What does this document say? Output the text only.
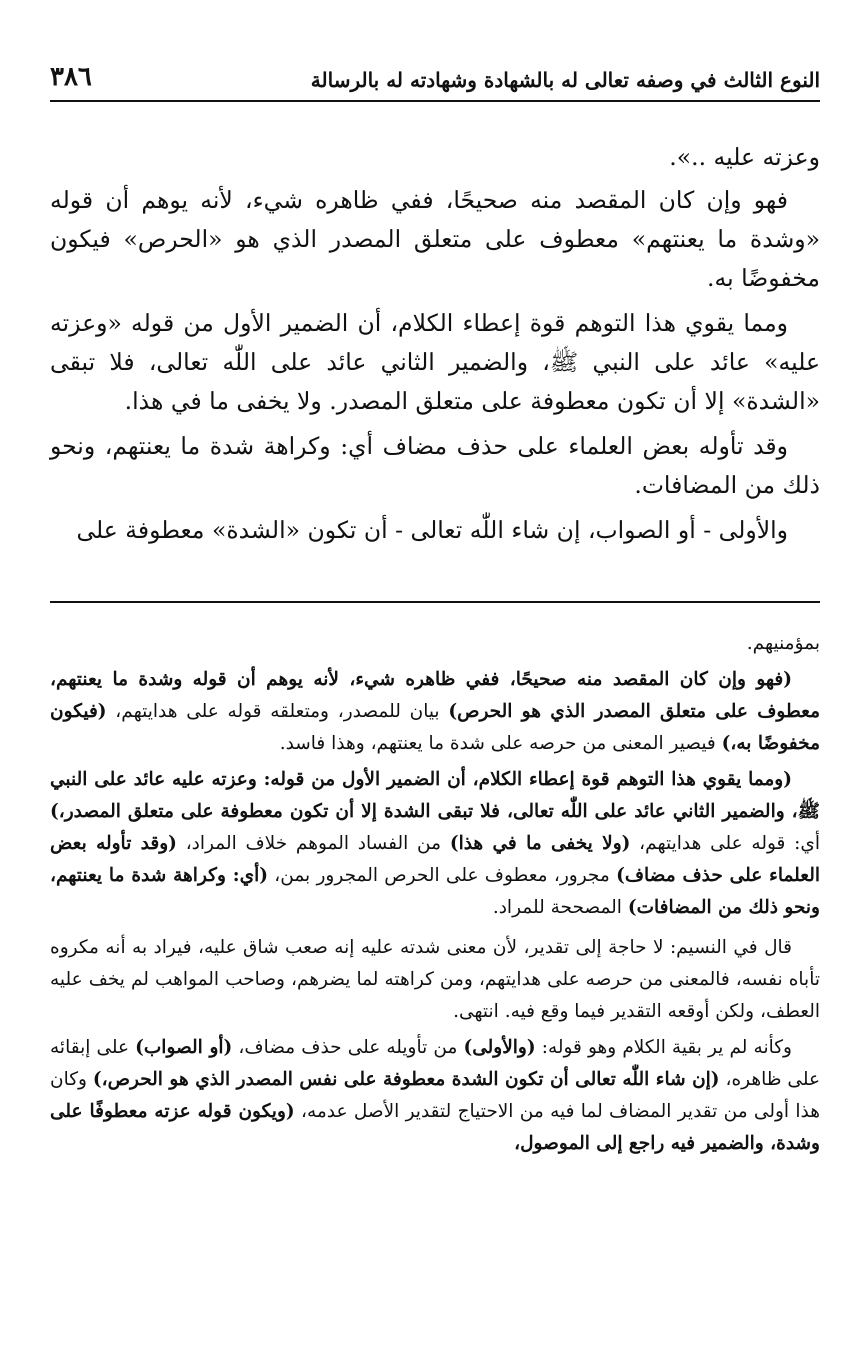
النوع الثالث في وصفه تعالى له بالشهادة وشهادته له بالرسالة
٣٨٦

وعزته عليه ..».

فهو وإن كان المقصد منه صحيحًا، ففي ظاهره شيء، لأنه يوهم أن قوله «وشدة ما يعنتهم» معطوف على متعلق المصدر الذي هو «الحرص» فيكون مخفوضًا به.

ومما يقوي هذا التوهم قوة إعطاء الكلام، أن الضمير الأول من قوله «وعزته عليه» عائد على النبي ﷺ، والضمير الثاني عائد على اللّٰه تعالى، فلا تبقى «الشدة» إلا أن تكون معطوفة على متعلق المصدر. ولا يخفى ما في هذا.

وقد تأوله بعض العلماء على حذف مضاف أي: وكراهة شدة ما يعنتهم، ونحو ذلك من المضافات.

والأولى - أو الصواب، إن شاء اللّٰه تعالى - أن تكون «الشدة» معطوفة على

بمؤمنيهم.

(فهو وإن كان المقصد منه صحيحًا، ففي ظاهره شيء، لأنه يوهم أن قوله وشدة ما يعنتهم، معطوف على متعلق المصدر الذي هو الحرص) بيان للمصدر، ومتعلقه قوله على هدايتهم، (فيكون مخفوضًا به،) فيصير المعنى من حرصه على شدة ما يعنتهم، وهذا فاسد.

(ومما يقوي هذا التوهم قوة إعطاء الكلام، أن الضمير الأول من قوله: وعزته عليه عائد على النبي ﷺ، والضمير الثاني عائد على اللّٰه تعالى، فلا تبقى الشدة إلا أن تكون معطوفة على متعلق المصدر،) أي: قوله على هدايتهم، (ولا يخفى ما في هذا) من الفساد الموهم خلاف المراد، (وقد تأوله بعض العلماء على حذف مضاف) مجرور، معطوف على الحرص المجرور بمن، (أي: وكراهة شدة ما يعنتهم، ونحو ذلك من المضافات) المصححة للمراد.

قال في النسيم: لا حاجة إلى تقدير، لأن معنى شدته عليه إنه صعب شاق عليه، فيراد به أنه مكروه تأباه نفسه، فالمعنى من حرصه على هدايتهم، ومن كراهته لما يضرهم، وصاحب المواهب لم يخف عليه العطف، ولكن أوقعه التقدير فيما وقع فيه. انتهى.

وكأنه لم ير بقية الكلام وهو قوله: (والأولى) من تأويله على حذف مضاف، (أو الصواب) على إبقائه على ظاهره، (إن شاء اللّٰه تعالى أن تكون الشدة معطوفة على نفس المصدر الذي هو الحرص،) وكان هذا أولى من تقدير المضاف لما فيه من الاحتياج لتقدير الأصل عدمه، (ويكون قوله عزته معطوفًا على وشدة، والضمير فيه راجع إلى الموصول،
